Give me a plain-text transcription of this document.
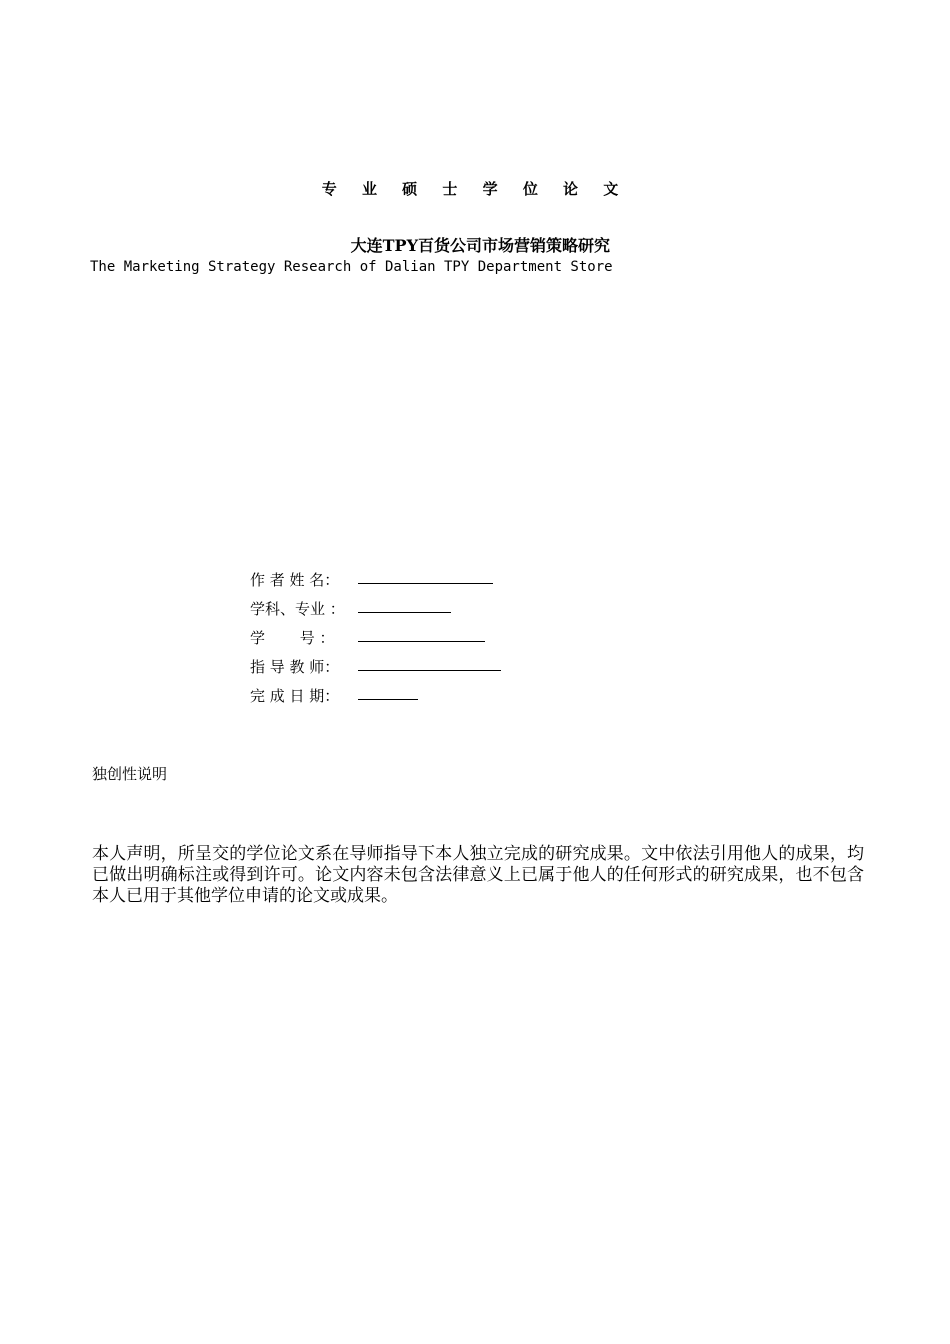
专 业 硕 士 学 位 论 文
大连TPY百货公司市场营销策略研究
The Marketing Strategy Research of Dalian TPY Department Store
作 者 姓 名：
学科、专业 ：
学　　 号 ：
指 导 教 师：
完 成 日 期：
独创性说明
本人声明，所呈交的学位论文系在导师指导下本人独立完成的研究成果。文中依法引用他人的成果，均已做出明确标注或得到许可。论文内容未包含法律意义上已属于他人的任何形式的研究成果，也不包含本人已用于其他学位申请的论文或成果。
